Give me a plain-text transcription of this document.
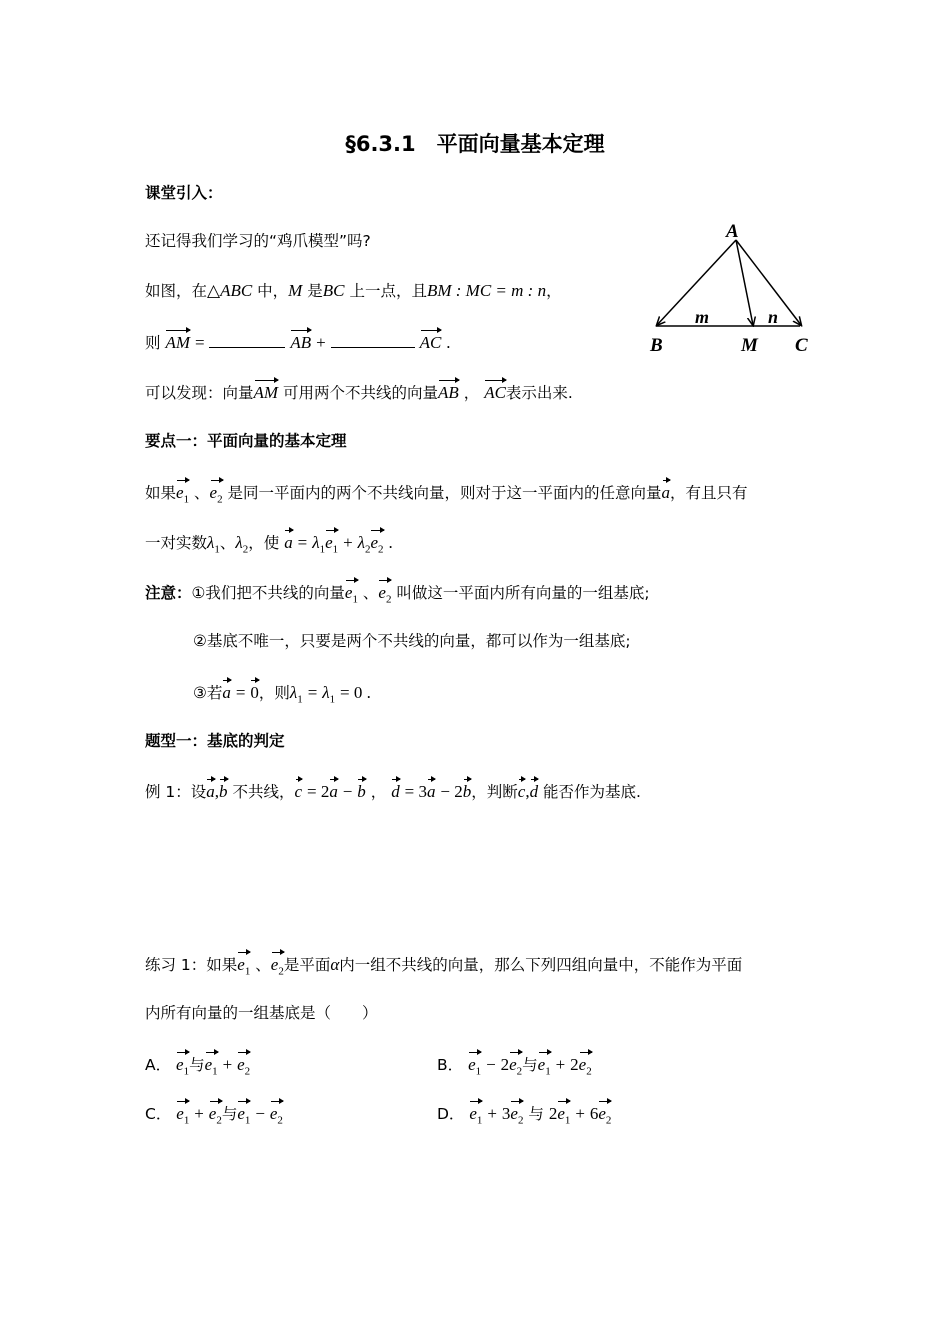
§6.3.1　平面向量基本定理
课堂引入：
还记得我们学习的“鸡爪模型”吗?
如图，在△ABC 中，M 是BC 上一点，且BM : MC = m : n，
则 AM =	AB +	AC .
可以发现：向量AM 可用两个不共线的向量AB ， AC表示出来.
A
B	M C
m	n
要点一：平面向量的基本定理
如果$e_1$ 、$e_2$ 是同一平面内的两个不共线向量，则对于这一平面内的任意向量a，有且只有
一对实数$\lambda_1$、$\lambda_2$，使 $a = \lambda_1e_1 + \lambda_2e_2$ .
注意：①我们把不共线的向量$e_1$ 、$e_2$ 叫做这一平面内所有向量的一组基底;
②基底不唯一，只要是两个不共线的向量，都可以作为一组基底;
③若a = 0，则$\lambda_1 = \lambda_1 = 0$ .
题型一：基底的判定
例 1：设a,b 不共线，c = 2a − b ， d = 3a − 2b，判断c,d 能否作为基底.
练习 1：如果$e_1$ 、$e_2$是平面α内一组不共线的向量，那么下列四组向量中，不能作为平面
内所有向量的一组基底是（　　）
A． $e_1$与$e_1 + e_2$	B． $e_1 - 2e_2$与$e_1 + 2e_2$
C． $e_1 + e_2$与$e_1 - e_2$	D． $e_1 + 3e_2$ 与 $2e_1 + 6e_2$
